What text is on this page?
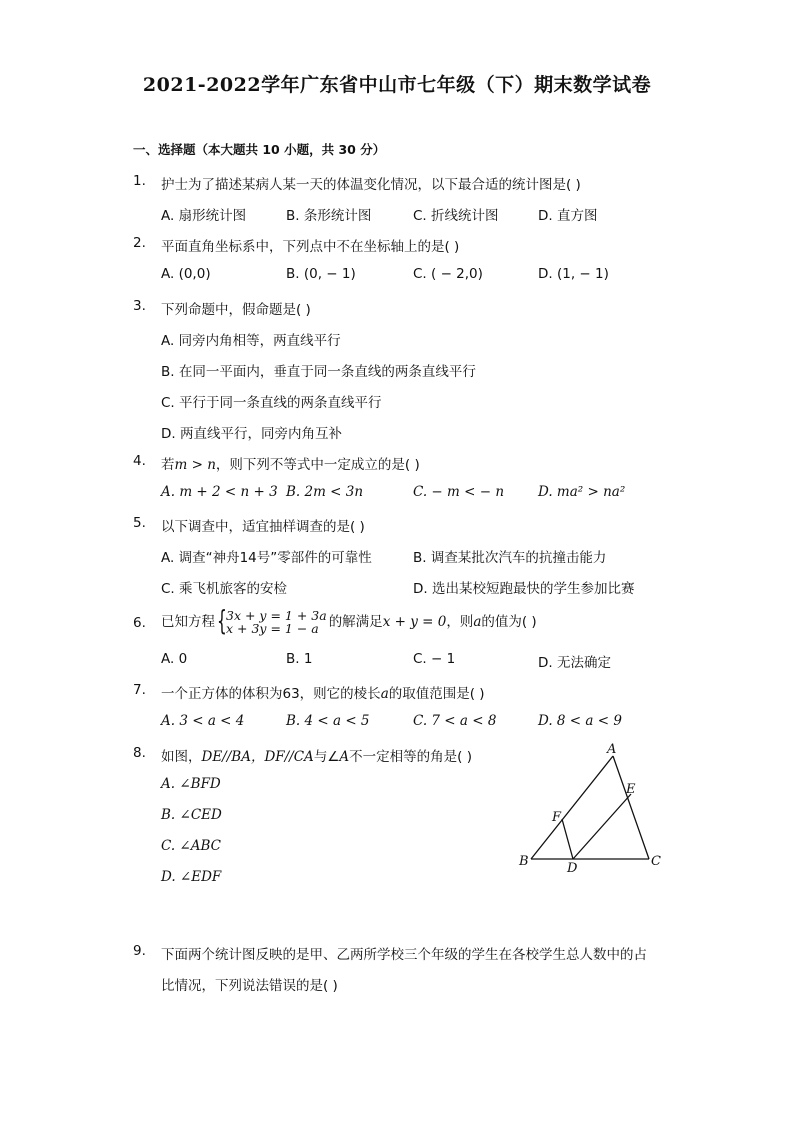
2021-2022学年广东省中山市七年级（下）期末数学试卷
一、选择题（本大题共 10 小题，共 30 分）
1.	护士为了描述某病人某一天的体温变化情况，以下最合适的统计图是( )
A. 扇形统计图	B. 条形统计图	C. 折线统计图	D. 直方图
2.	平面直角坐标系中，下列点中不在坐标轴上的是( )
A. (0,0)	B. (0, − 1)	C. ( − 2,0)	D. (1, − 1)
3.	下列命题中，假命题是( )
A. 同旁内角相等，两直线平行
B. 在同一平面内，垂直于同一条直线的两条直线平行
C. 平行于同一条直线的两条直线平行
D. 两直线平行，同旁内角互补
4.	若m > n，则下列不等式中一定成立的是( )
A. m + 2 < n + 3 B. 2m < 3n	C. − m < − n	D. ma² > na²
5.	以下调查中，适宜抽样调查的是( )
A. 调查“神舟14号”零部件的可靠性	B. 调查某批次汽车的抗撞击能力
C. 乘飞机旅客的安检	D. 选出某校短跑最快的学生参加比赛
6.	已知方程 { 3x + y = 1 + 3a
x + 3y = 1 − a 的解满足x + y = 0，则a的值为( )
A. 0	B. 1	C. − 1	D. 无法确定
7.	一个正方体的体积为63，则它的棱长a的取值范围是( )
A. 3 < a < 4	B. 4 < a < 5	C. 7 < a < 8	D. 8 < a < 9
8.	如图，DE//BA，DF//CA与∠A不一定相等的角是( )
A. ∠BFD
B. ∠CED
C. ∠ABC
D. ∠EDF
A
B	C
D
E
F
9.	下面两个统计图反映的是甲、乙两所学校三个年级的学生在各校学生总人数中的占
比情况，下列说法错误的是( )
